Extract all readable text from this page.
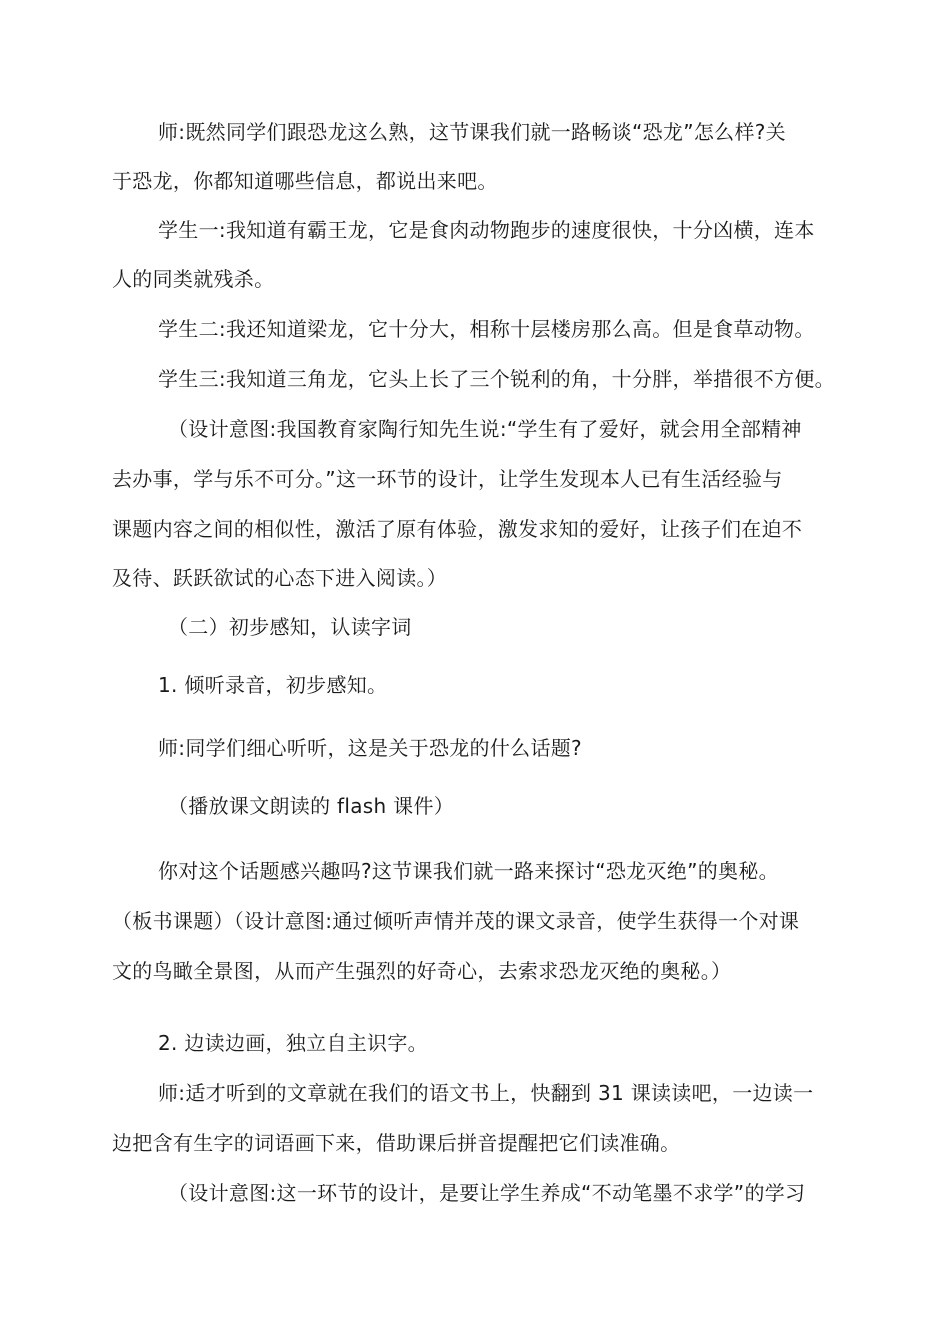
师:既然同学们跟恐龙这么熟，这节课我们就一路畅谈“恐龙”怎么样?关
于恐龙，你都知道哪些信息，都说出来吧。
学生一:我知道有霸王龙，它是食肉动物跑步的速度很快，十分凶横，连本
人的同类就残杀。
学生二:我还知道梁龙，它十分大，相称十层楼房那么高。但是食草动物。
学生三:我知道三角龙，它头上长了三个锐利的角，十分胖，举措很不方便。
（设计意图:我国教育家陶行知先生说:“学生有了爱好，就会用全部精神
去办事，学与乐不可分。”这一环节的设计，让学生发现本人已有生活经验与
课题内容之间的相似性，激活了原有体验，激发求知的爱好，让孩子们在迫不
及待、跃跃欲试的心态下进入阅读。）
（二）初步感知，认读字词
1. 倾听录音，初步感知。
师:同学们细心听听，这是关于恐龙的什么话题?
（播放课文朗读的 flash 课件）
你对这个话题感兴趣吗?这节课我们就一路来探讨“恐龙灭绝”的奥秘。
（板书课题）（设计意图:通过倾听声情并茂的课文录音，使学生获得一个对课
文的鸟瞰全景图，从而产生强烈的好奇心，去索求恐龙灭绝的奥秘。）
2. 边读边画，独立自主识字。
师:适才听到的文章就在我们的语文书上，快翻到 31 课读读吧，一边读一
边把含有生字的词语画下来，借助课后拼音提醒把它们读准确。
（设计意图:这一环节的设计，是要让学生养成“不动笔墨不求学”的学习
